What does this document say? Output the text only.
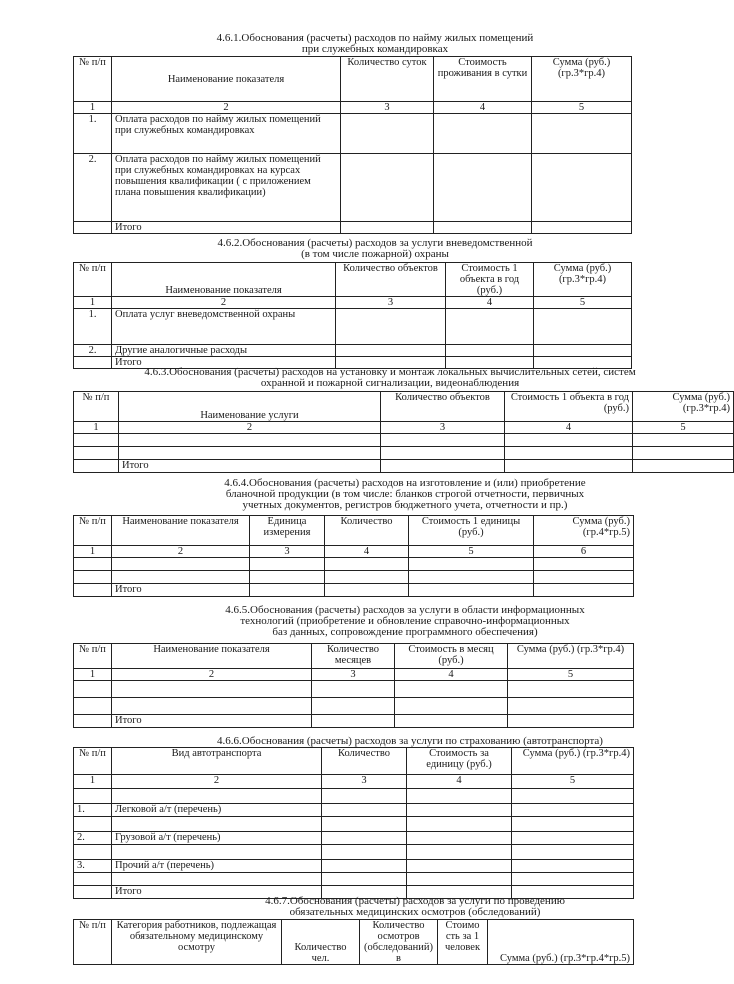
4.6.1.Обоснования (расчеты) расходов по найму жилых помещений
при служебных командировках
№ п/п	Наименование показателя	Количество суток	Стоимость проживания в сутки	Сумма (руб.) (гр.3*гр.4)
1	2	3	4	5
1.	Оплата расходов по найму жилых помещений при служебных командировках			
2.	Оплата расходов по найму жилых помещений при служебных командировках на курсах повышения квалификации ( с приложением плана повышения квалификации)			
	Итого			
4.6.2.Обоснования (расчеты) расходов за услуги вневедомственной
(в том числе пожарной) охраны
№ п/п	Наименование показателя	Количество объектов	Стоимость 1 объекта в год (руб.)	Сумма (руб.) (гр.3*гр.4)
1	2	3	4	5
1.	Оплата услуг вневедомственной охраны			
2.	Другие аналогичные расходы			
	Итого			
4.6.3.Обоснования (расчеты) расходов на установку и монтаж локальных вычислительных сетей, систем
охранной и пожарной сигнализации, видеонаблюдения
№ п/п	Наименование услуги	Количество объектов	Стоимость 1 объекта в год (руб.)	Сумма (руб.) (гр.3*гр.4)
1	2	3	4	5

	Итого			
4.6.4.Обоснования (расчеты) расходов на изготовление и (или) приобретение
бланочной продукции (в том числе: бланков строгой отчетности, первичных
учетных документов, регистров бюджетного учета, отчетности и пр.)
№ п/п	Наименование показателя	Единица измерения	Количество	Стоимость 1 единицы (руб.)	Сумма (руб.) (гр.4*гр.5)
1	2	3	4	5	6

	Итого				
4.6.5.Обоснования (расчеты) расходов за услуги в области информационных
технологий (приобретение и обновление справочно-информационных
баз данных, сопровождение программного обеспечения)
№ п/п	Наименование показателя	Количество месяцев	Стоимость в месяц (руб.)	Сумма (руб.) (гр.3*гр.4)
1	2	3	4	5

	Итого			
4.6.6.Обоснования (расчеты) расходов за услуги по страхованию (автотранспорта)
№ п/п	Вид автотранспорта	Количество	Стоимость за единицу (руб.)	Сумма (руб.) (гр.3*гр.4)
1	2	3	4	5

1.	Легковой а/т (перечень)			

2.	Грузовой а/т (перечень)			

3.	Прочий а/т (перечень)			

	Итого			
4.6.7.Обоснования (расчеты) расходов за услуги по проведению
обязательных медицинских осмотров (обследований)
№ п/п	Категория работников, подлежащая обязательному медицинскому осмотру	Количество чел.	Количество осмотров (обследований) в	Стоимо сть за 1 человек	Сумма (руб.) (гр.3*гр.4*гр.5)
